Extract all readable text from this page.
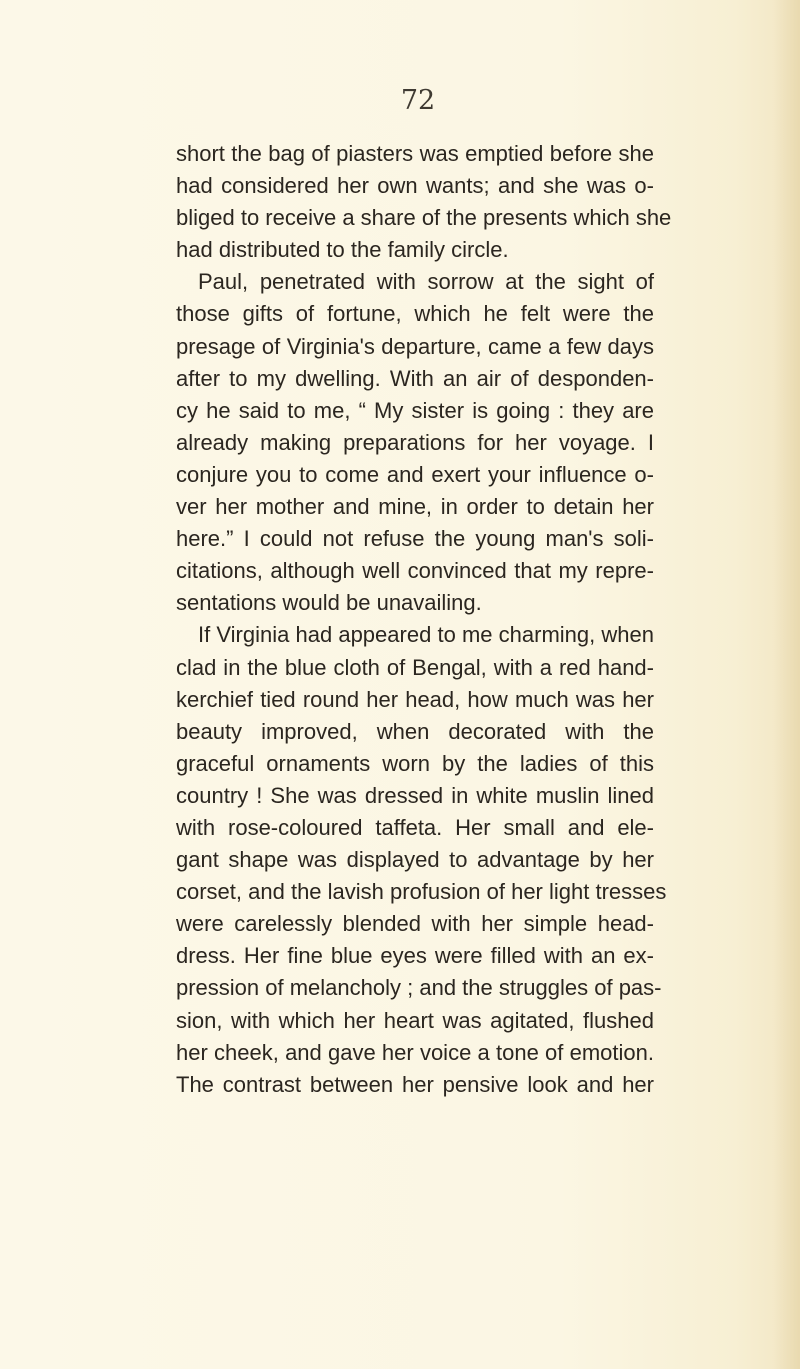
72
short the bag of piasters was emptied before she
had considered her own wants; and she was o-
bliged to receive a share of the presents which she
had distributed to the family circle.
Paul, penetrated with sorrow at the sight of
those gifts of fortune, which he felt were the
presage of Virginia's departure, came a few days
after to my dwelling. With an air of desponden-
cy he said to me, “ My sister is going : they are
already making preparations for her voyage. I
conjure you to come and exert your influence o-
ver her mother and mine, in order to detain her
here.” I could not refuse the young man's soli-
citations, although well convinced that my repre-
sentations would be unavailing.
If Virginia had appeared to me charming, when
clad in the blue cloth of Bengal, with a red hand-
kerchief tied round her head, how much was her
beauty improved, when decorated with the
graceful ornaments worn by the ladies of this
country ! She was dressed in white muslin lined
with rose-coloured taffeta. Her small and ele-
gant shape was displayed to advantage by her
corset, and the lavish profusion of her light tresses
were carelessly blended with her simple head-
dress. Her fine blue eyes were filled with an ex-
pression of melancholy ; and the struggles of pas-
sion, with which her heart was agitated, flushed
her cheek, and gave her voice a tone of emotion.
The contrast between her pensive look and her
